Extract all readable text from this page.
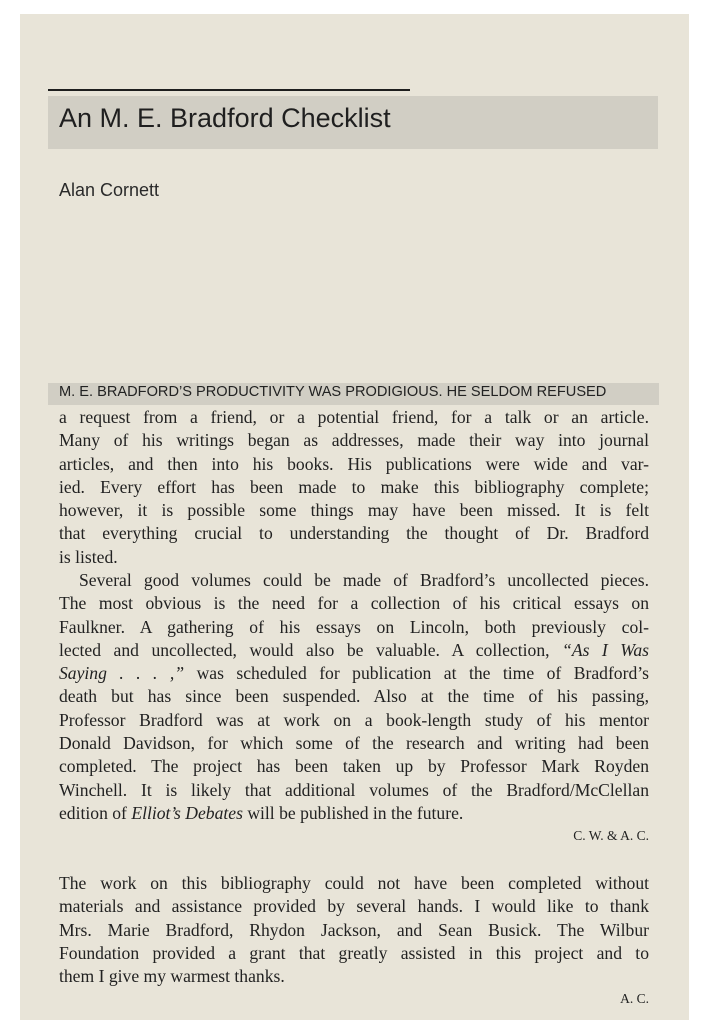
An M. E. Bradford Checklist
Alan Cornett
M. E. BRADFORD’S PRODUCTIVITY WAS PRODIGIOUS. HE SELDOM REFUSED
a request from a friend, or a potential friend, for a talk or an article.
Many of his writings began as addresses, made their way into journal
articles, and then into his books. His publications were wide and var-
ied. Every effort has been made to make this bibliography complete;
however, it is possible some things may have been missed. It is felt
that everything crucial to understanding the thought of Dr. Bradford
is listed.
Several good volumes could be made of Bradford’s uncollected pieces.
The most obvious is the need for a collection of his critical essays on
Faulkner. A gathering of his essays on Lincoln, both previously col-
lected and uncollected, would also be valuable. A collection, “As I Was
Saying . . . ,” was scheduled for publication at the time of Bradford’s
death but has since been suspended. Also at the time of his passing,
Professor Bradford was at work on a book-length study of his mentor
Donald Davidson, for which some of the research and writing had been
completed. The project has been taken up by Professor Mark Royden
Winchell. It is likely that additional volumes of the Bradford/McClellan
edition of Elliot’s Debates will be published in the future.
C. W. & A. C.
The work on this bibliography could not have been completed without
materials and assistance provided by several hands. I would like to thank
Mrs. Marie Bradford, Rhydon Jackson, and Sean Busick. The Wilbur
Foundation provided a grant that greatly assisted in this project and to
them I give my warmest thanks.
A. C.
